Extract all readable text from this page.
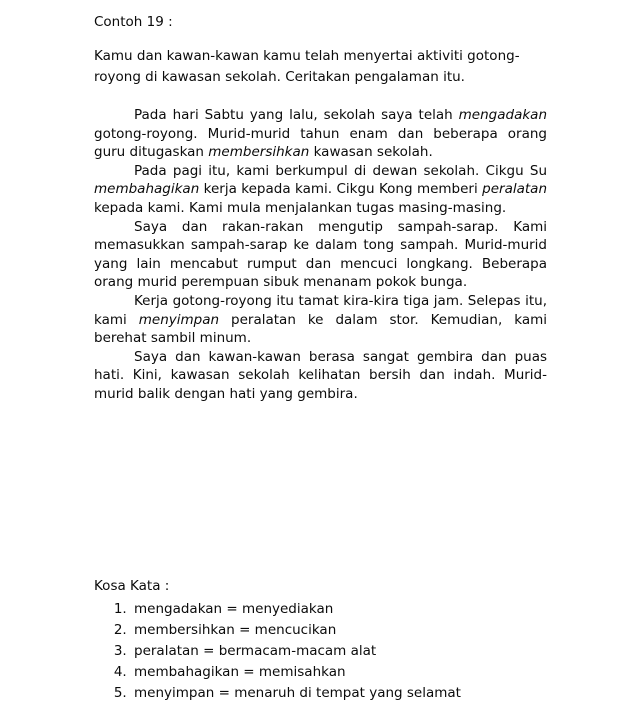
Contoh 19 :

Kamu dan kawan-kawan kamu telah menyertai aktiviti gotong-royong di kawasan sekolah. Ceritakan pengalaman itu.

Pada hari Sabtu yang lalu, sekolah saya telah mengadakan gotong-royong. Murid-murid tahun enam dan beberapa orang guru ditugaskan membersihkan kawasan sekolah.

Pada pagi itu, kami berkumpul di dewan sekolah. Cikgu Su membahagikan kerja kepada kami. Cikgu Kong memberi peralatan kepada kami. Kami mula menjalankan tugas masing-masing.

Saya dan rakan-rakan mengutip sampah-sarap. Kami memasukkan sampah-sarap ke dalam tong sampah. Murid-murid yang lain mencabut rumput dan mencuci longkang. Beberapa orang murid perempuan sibuk menanam pokok bunga.

Kerja gotong-royong itu tamat kira-kira tiga jam. Selepas itu, kami menyimpan peralatan ke dalam stor. Kemudian, kami berehat sambil minum.

Saya dan kawan-kawan berasa sangat gembira dan puas hati. Kini, kawasan sekolah kelihatan bersih dan indah. Murid-murid balik dengan hati yang gembira.

Kosa Kata :
1. mengadakan = menyediakan
2. membersihkan = mencucikan
3. peralatan = bermacam-macam alat
4. membahagikan = memisahkan
5. menyimpan = menaruh di tempat yang selamat
